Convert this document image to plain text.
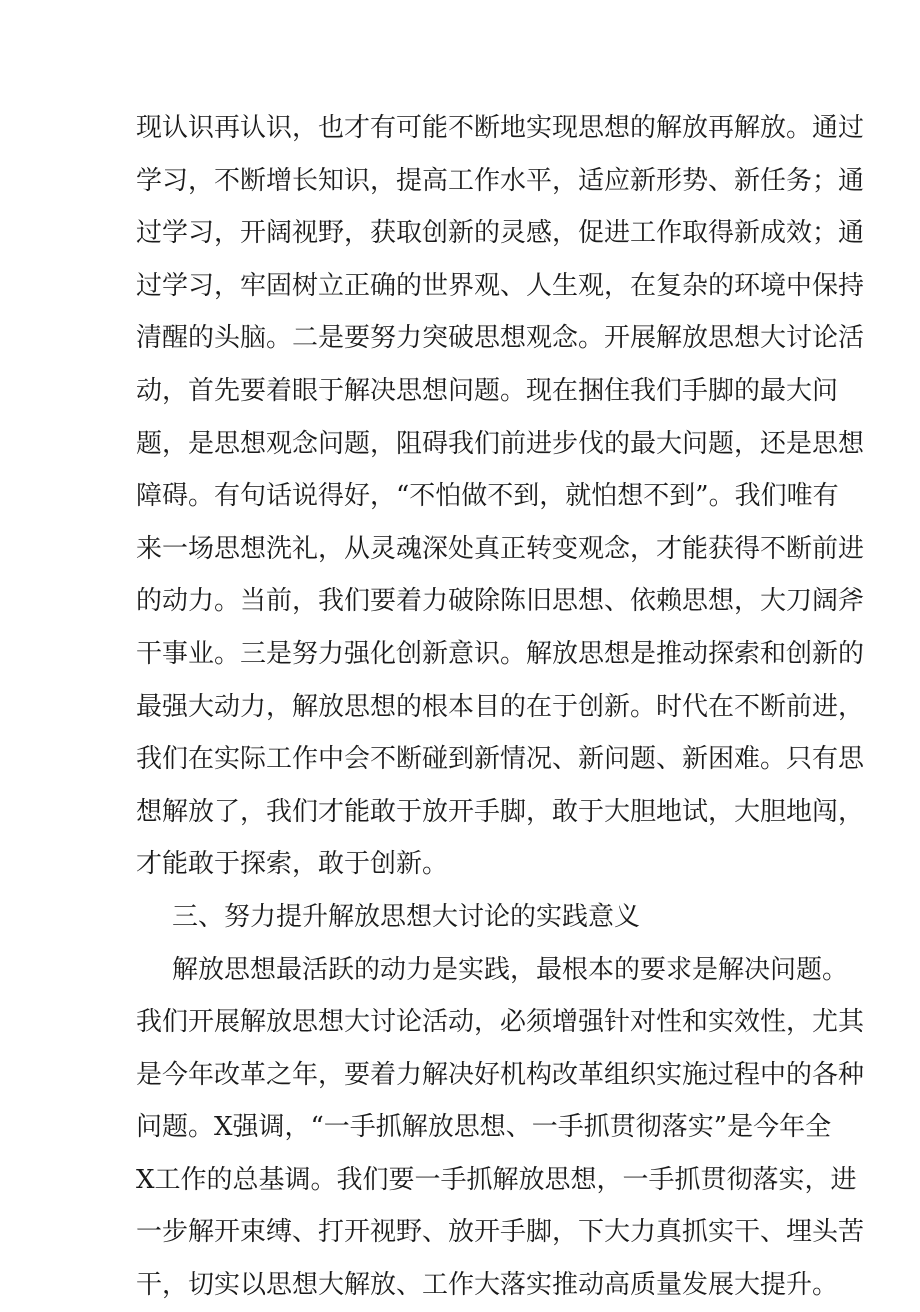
现认识再认识，也才有可能不断地实现思想的解放再解放。通过
学习，不断增长知识，提高工作水平，适应新形势、新任务；通
过学习，开阔视野，获取创新的灵感，促进工作取得新成效；通
过学习，牢固树立正确的世界观、人生观，在复杂的环境中保持
清醒的头脑。二是要努力突破思想观念。开展解放思想大讨论活
动，首先要着眼于解决思想问题。现在捆住我们手脚的最大问
题，是思想观念问题，阻碍我们前进步伐的最大问题，还是思想
障碍。有句话说得好，“不怕做不到，就怕想不到”。我们唯有
来一场思想洗礼，从灵魂深处真正转变观念，才能获得不断前进
的动力。当前，我们要着力破除陈旧思想、依赖思想，大刀阔斧
干事业。三是努力强化创新意识。解放思想是推动探索和创新的
最强大动力，解放思想的根本目的在于创新。时代在不断前进，
我们在实际工作中会不断碰到新情况、新问题、新困难。只有思
想解放了，我们才能敢于放开手脚，敢于大胆地试，大胆地闯，
才能敢于探索，敢于创新。
三、努力提升解放思想大讨论的实践意义
解放思想最活跃的动力是实践，最根本的要求是解决问题。
我们开展解放思想大讨论活动，必须增强针对性和实效性，尤其
是今年改革之年，要着力解决好机构改革组织实施过程中的各种
问题。X强调，“一手抓解放思想、一手抓贯彻落实”是今年全
X工作的总基调。我们要一手抓解放思想，一手抓贯彻落实，进
一步解开束缚、打开视野、放开手脚，下大力真抓实干、埋头苦
干，切实以思想大解放、工作大落实推动高质量发展大提升。
